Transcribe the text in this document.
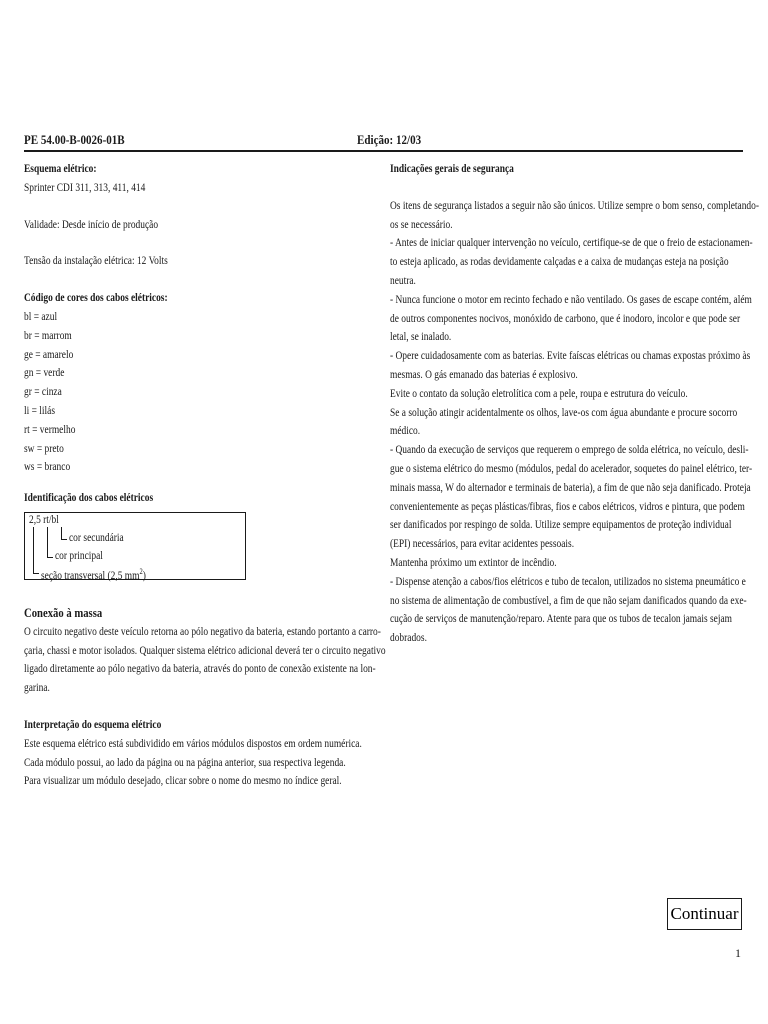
PE 54.00-B-0026-01B	Edição: 12/03
Esquema elétrico:
Sprinter CDI 311, 313, 411, 414
Validade: Desde início de produção
Tensão da instalação elétrica: 12 Volts
Código de cores dos cabos elétricos:
bl = azul
br = marrom
ge = amarelo
gn = verde
gr = cinza
li = lilás
rt = vermelho
sw = preto
ws = branco
Identificação dos cabos elétricos
2,5 rt/bl
cor secundária
cor principal
seção transversal (2,5 $mm^2$)
Conexão à massa
O circuito negativo deste veículo retorna ao pólo negativo da bateria, estando portanto a carro-
çaria, chassi e motor isolados. Qualquer sistema elétrico adicional deverá ter o circuito negativo
ligado diretamente ao pólo negativo da bateria, através do ponto de conexão existente na lon-
garina.
Interpretação do esquema elétrico
Este esquema elétrico está subdividido em vários módulos dispostos em ordem numérica.
Cada módulo possui, ao lado da página ou na página anterior, sua respectiva legenda.
Para visualizar um módulo desejado, clicar sobre o nome do mesmo no índice geral.
Indicações gerais de segurança
Os itens de segurança listados a seguir não são únicos. Utilize sempre o bom senso, completando-
os se necessário.
- Antes de iniciar qualquer intervenção no veículo, certifique-se de que o freio de estacionamen-
to esteja aplicado, as rodas devidamente calçadas e a caixa de mudanças esteja na posição
neutra.
- Nunca funcione o motor em recinto fechado e não ventilado. Os gases de escape contém, além
de outros componentes nocivos, monóxido de carbono, que é inodoro, incolor e que pode ser
letal, se inalado.
- Opere cuidadosamente com as baterias. Evite faíscas elétricas ou chamas expostas próximo às
mesmas. O gás emanado das baterias é explosivo.
Evite o contato da solução eletrolítica com a pele, roupa e estrutura do veículo.
Se a solução atingir acidentalmente os olhos, lave-os com água abundante e procure socorro
médico.
- Quando da execução de serviços que requerem o emprego de solda elétrica, no veículo, desli-
gue o sistema elétrico do mesmo (módulos, pedal do acelerador, soquetes do painel elétrico, ter-
minais massa, W do alternador e terminais de bateria), a fim de que não seja danificado. Proteja
convenientemente as peças plásticas/fibras, fios e cabos elétricos, vidros e pintura, que podem
ser danificados por respingo de solda. Utilize sempre equipamentos de proteção individual
(EPI) necessários, para evitar acidentes pessoais.
Mantenha próximo um extintor de incêndio.
- Dispense atenção a cabos/fios elétricos e tubo de tecalon, utilizados no sistema pneumático e
no sistema de alimentação de combustível, a fim de que não sejam danificados quando da exe-
cução de serviços de manutenção/reparo. Atente para que os tubos de tecalon jamais sejam
dobrados.
Continuar
1
